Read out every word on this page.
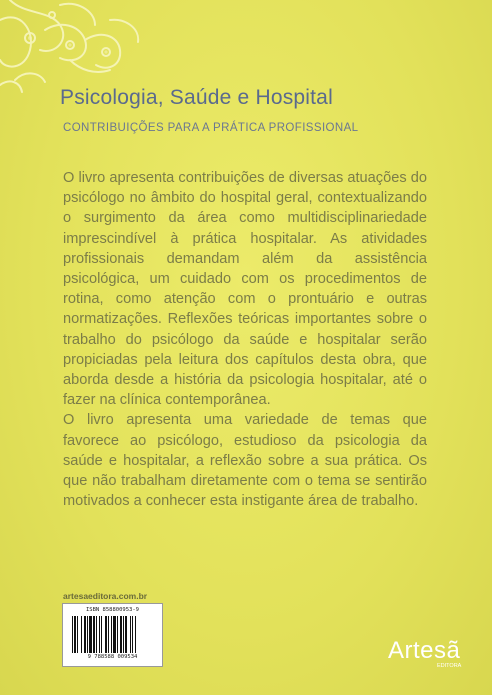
Psicologia, Saúde e Hospital
CONTRIBUIÇÕES PARA A PRÁTICA PROFISSIONAL

O livro apresenta contribuições de diversas atuações do psicólogo no âmbito do hospital geral, contextualizando o surgimento da área como multidisciplinariedade imprescindível à prática hospitalar. As atividades profissionais demandam além da assistência psicológica, um cuidado com os procedimentos de rotina, como atenção com o prontuário e outras normatizações. Reflexões teóricas importantes sobre o trabalho do psicólogo da saúde e hospitalar serão propiciadas pela leitura dos capítulos desta obra, que aborda desde a história da psicologia hospitalar, até o fazer na clínica contemporânea.

O livro apresenta uma variedade de temas que favorece ao psicólogo, estudioso da psicologia da saúde e hospitalar, a reflexão sobre a sua prática. Os que não trabalham diretamente com o tema se sentirão motivados a conhecer esta instigante área de trabalho.

artesaeditora.com.br
ISBN 858800953-9
9 788588 009534	Artesã
EDITORA
